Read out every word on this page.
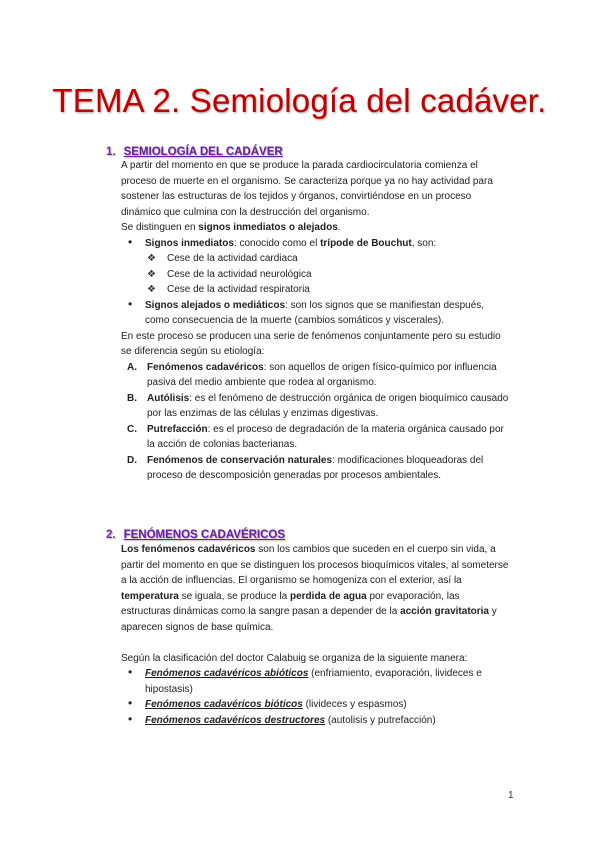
TEMA 2. Semiología del cadáver.
1. SEMIOLOGÍA DEL CADÁVER

A partir del momento en que se produce la parada cardiocirculatoria comienza el proceso de muerte en el organismo. Se caracteriza porque ya no hay actividad para sostener las estructuras de los tejidos y órganos, convirtiéndose en un proceso dinámico que culmina con la destrucción del organismo.

Se distinguen en signos inmediatos o alejados.

• Signos inmediatos: conocido como el trípode de Bouchut, son:
❖ Cese de la actividad cardiaca
❖ Cese de la actividad neurológica
❖ Cese de la actividad respiratoria
• Signos alejados o mediáticos: son los signos que se manifiestan después, como consecuencia de la muerte (cambios somáticos y viscerales).

En este proceso se producen una serie de fenómenos conjuntamente pero su estudio se diferencia según su etiología:

A. Fenómenos cadavéricos: son aquellos de origen físico-químico por influencia pasiva del medio ambiente que rodea al organismo.
B. Autólisis: es el fenómeno de destrucción orgánica de origen bioquímico causado por las enzimas de las células y enzimas digestivas.
C. Putrefacción: es el proceso de degradación de la materia orgánica causado por la acción de colonias bacterianas.
D. Fenómenos de conservación naturales: modificaciones bloqueadoras del proceso de descomposición generadas por procesos ambientales.
2. FENÓMENOS CADAVÉRICOS

Los fenómenos cadavéricos son los cambios que suceden en el cuerpo sin vida, a partir del momento en que se distinguen los procesos bioquímicos vitales, al someterse a la acción de influencias. El organismo se homogeniza con el exterior, así la temperatura se iguala, se produce la perdida de agua por evaporación, las estructuras dinámicas como la sangre pasan a depender de la acción gravitatoria y aparecen signos de base química.

Según la clasificación del doctor Calabuig se organiza de la siguiente manera:

• Fenómenos cadavéricos abióticos (enfriamiento, evaporación, livideces e hipostasis)
• Fenómenos cadavéricos bióticos (livideces y espasmos)
• Fenómenos cadavéricos destructores (autolisis y putrefacción)
1
